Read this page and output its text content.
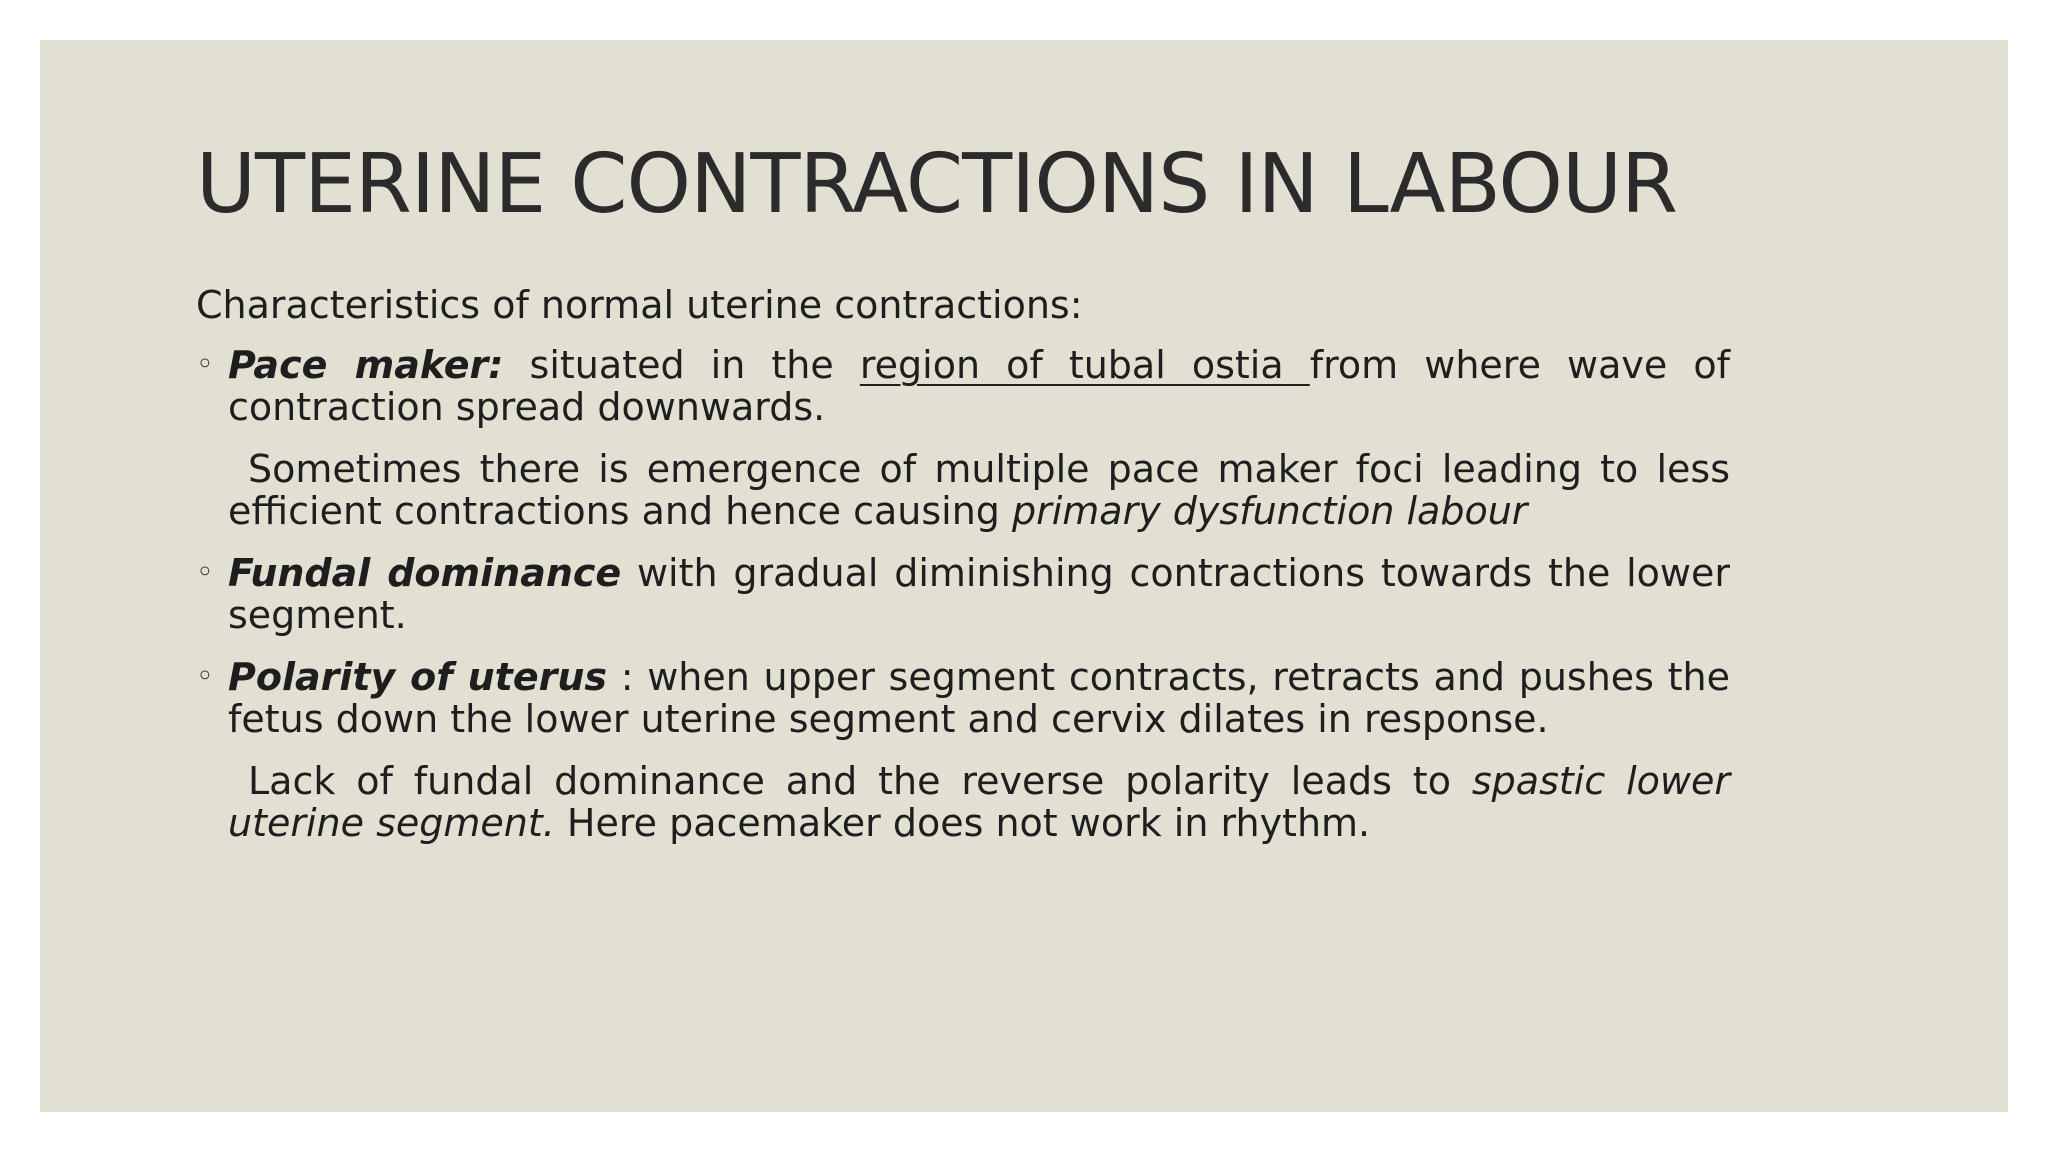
UTERINE CONTRACTIONS IN LABOUR

Characteristics of normal uterine contractions:

◦ Pace maker: situated in the region of tubal ostia from where wave of contraction spread downwards.

Sometimes there is emergence of multiple pace maker foci leading to less efficient contractions and hence causing primary dysfunction labour

◦ Fundal dominance with gradual diminishing contractions towards the lower segment.
◦ Polarity of uterus : when upper segment contracts, retracts and pushes the fetus down the lower uterine segment and cervix dilates in response.

Lack of fundal dominance and the reverse polarity leads to spastic lower uterine segment. Here pacemaker does not work in rhythm.
